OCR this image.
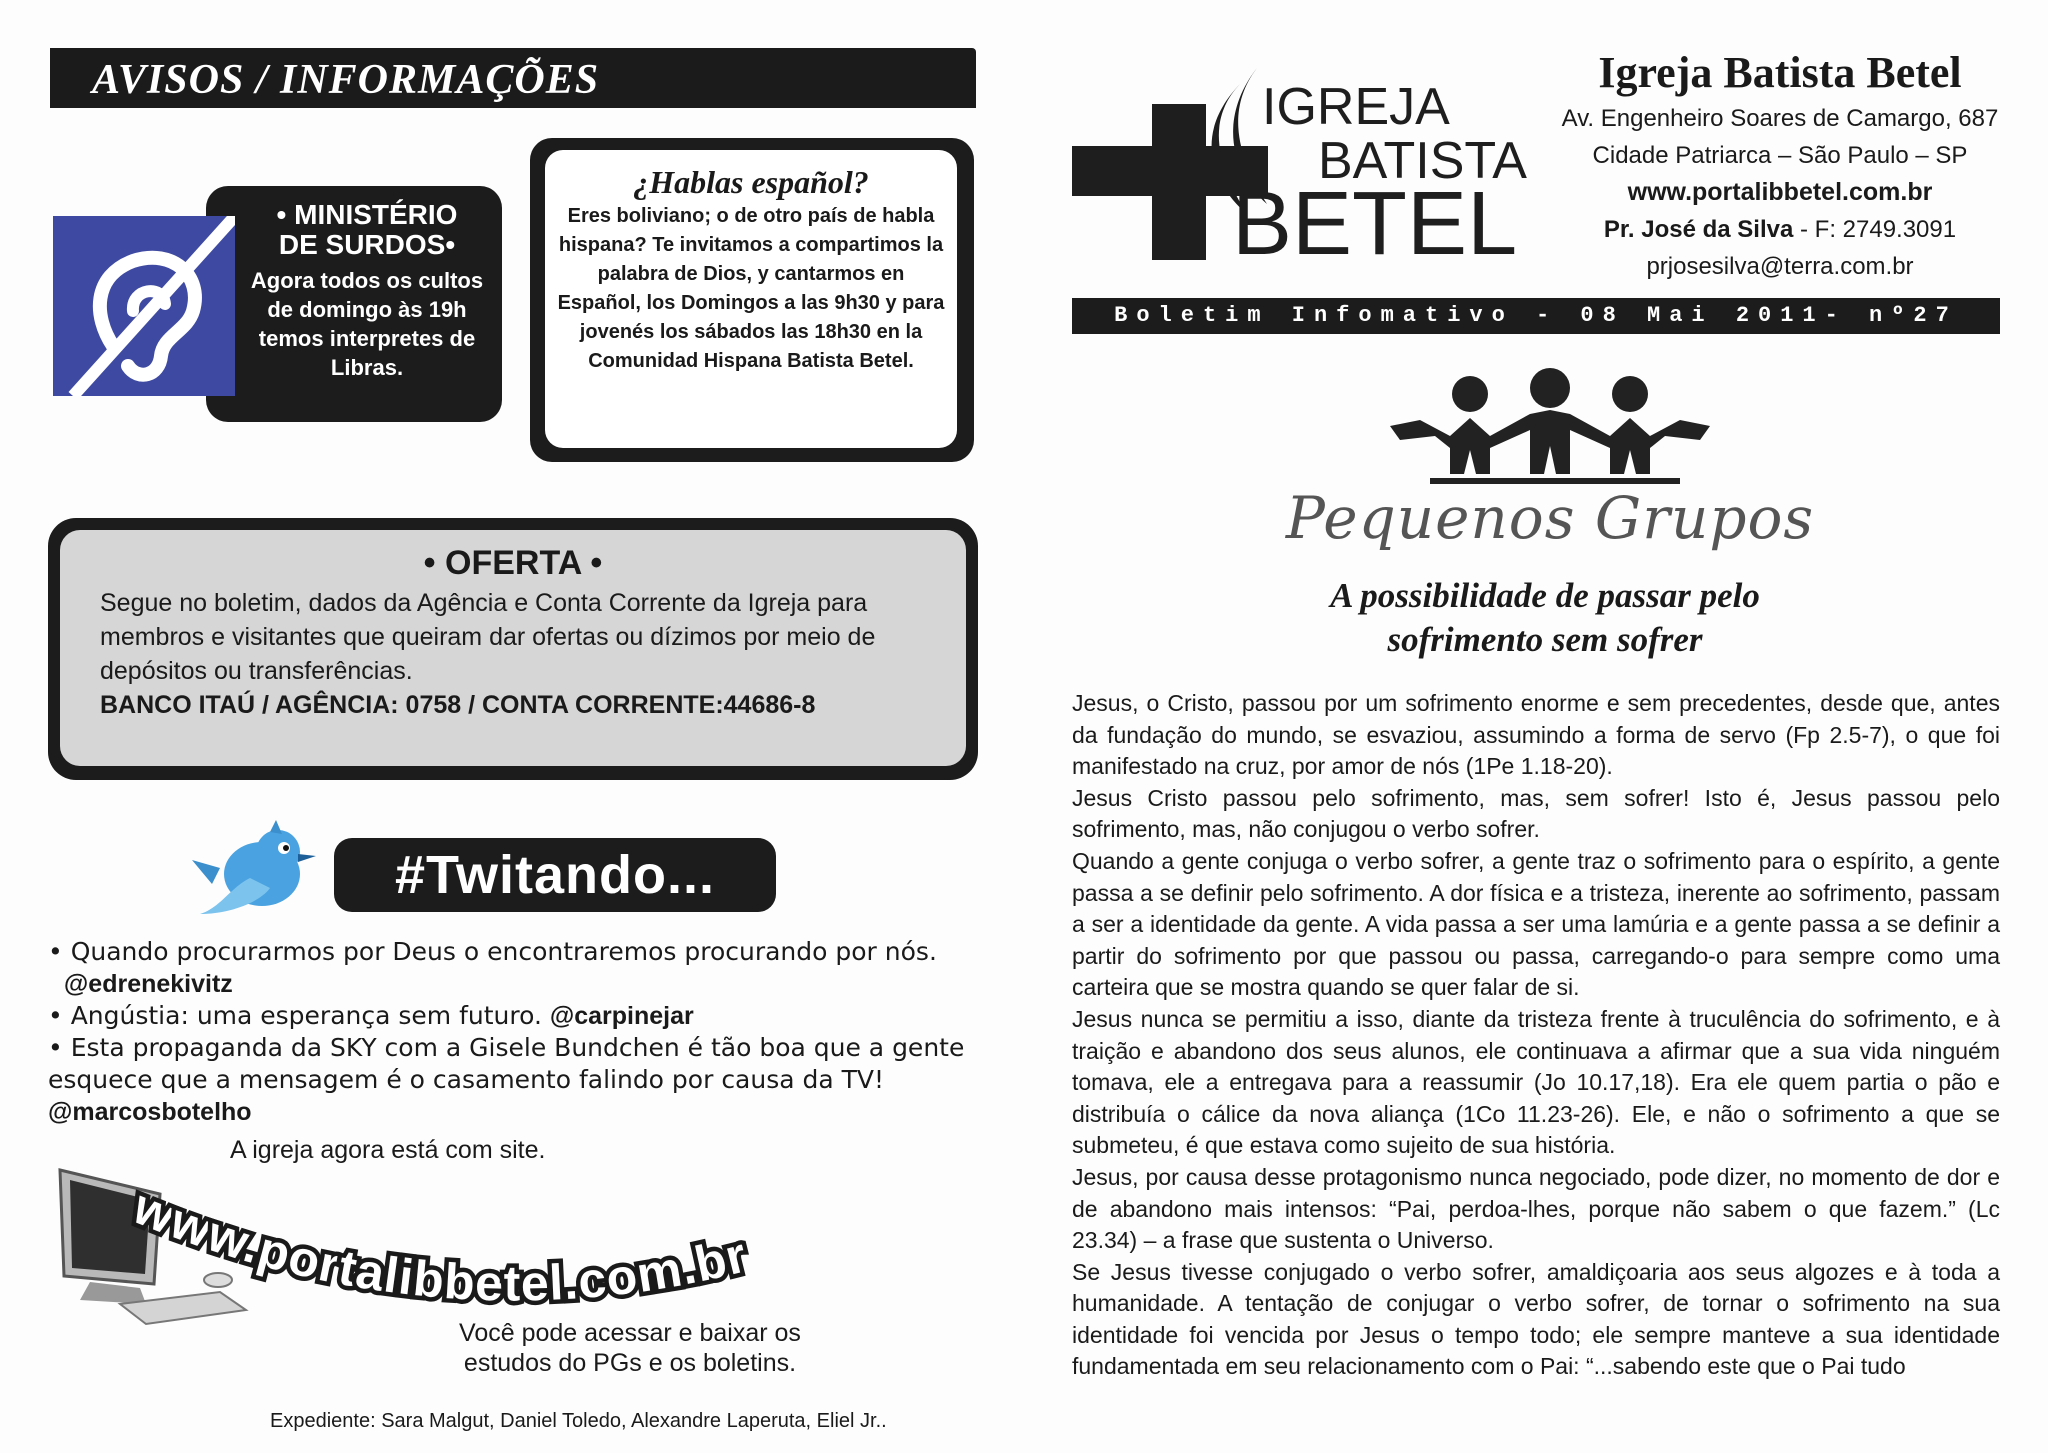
AVISOS / INFORMAÇÕES
• MINISTÉRIO
DE SURDOS•
Agora todos os cultos de domingo às 19h temos interpretes de Libras.
¿Hablas español?
Eres boliviano; o de otro país de habla hispana? Te invitamos a compartimos la palabra de Dios, y cantarmos en Español, los Domingos a las 9h30 y para jovenés los sábados las 18h30 en la Comunidad Hispana Batista Betel.
• OFERTA •
Segue no boletim, dados da Agência e Conta Corrente da Igreja para membros e visitantes que queiram dar ofertas ou dízimos por meio de depósitos ou transferências.
BANCO ITAÚ / AGÊNCIA: 0758 / CONTA CORRENTE:44686-8
#Twitando...

• Quando procurarmos por Deus o encontraremos procurando por nós.
@edrenekivitz

• Angústia: uma esperança sem futuro. @carpinejar

• Esta propaganda da SKY com a Gisele Bundchen é tão boa que a gente esquece que a mensagem é o casamento falindo por causa da TV! @marcosbotelho

A igreja agora está com site.
www.portalibbetel.com.br
Você pode acessar e baixar os
estudos do PGs e os boletins.
Expediente: Sara Malgut, Daniel Toledo, Alexandre Laperuta, Eliel Jr..
IGREJA
BATISTA
BETEL
Igreja Batista Betel
Av. Engenheiro Soares de Camargo, 687
Cidade Patriarca – São Paulo – SP
www.portalibbetel.com.br
Pr. José da Silva - F: 2749.3091
prjosesilva@terra.com.br
Boletim Infomativo - 08 Mai 2011- nº27
Pequenos Grupos
A possibilidade de passar pelo
sofrimento sem sofrer

Jesus, o Cristo, passou por um sofrimento enorme e sem precedentes, desde que, antes da fundação do mundo, se esvaziou, assumindo a forma de servo (Fp 2.5-7), o que foi manifestado na cruz, por amor de nós (1Pe 1.18-20).

Jesus Cristo passou pelo sofrimento, mas, sem sofrer! Isto é, Jesus passou pelo sofrimento, mas, não conjugou o verbo sofrer.

Quando a gente conjuga o verbo sofrer, a gente traz o sofrimento para o espírito, a gente passa a se definir pelo sofrimento. A dor física e a tristeza, inerente ao sofrimento, passam a ser a identidade da gente. A vida passa a ser uma lamúria e a gente passa a se definir a partir do sofrimento por que passou ou passa, carregando-o para sempre como uma carteira que se mostra quando se quer falar de si.

Jesus nunca se permitiu a isso, diante da tristeza frente à truculência do sofrimento, e à traição e abandono dos seus alunos, ele continuava a afirmar que a sua vida ninguém tomava, ele a entregava para a reassumir (Jo 10.17,18). Era ele quem partia o pão e distribuía o cálice da nova aliança (1Co 11.23-26). Ele, e não o sofrimento a que se submeteu, é que estava como sujeito de sua história.

Jesus, por causa desse protagonismo nunca negociado, pode dizer, no momento de dor e de abandono mais intensos: “Pai, perdoa-lhes, porque não sabem o que fazem.” (Lc 23.34) – a frase que sustenta o Universo.

Se Jesus tivesse conjugado o verbo sofrer, amaldiçoaria aos seus algozes e à toda a humanidade. A tentação de conjugar o verbo sofrer, de tornar o sofrimento na sua identidade foi vencida por Jesus o tempo todo; ele sempre manteve a sua identidade fundamentada em seu relacionamento com o Pai: “...sabendo este que o Pai tudo
